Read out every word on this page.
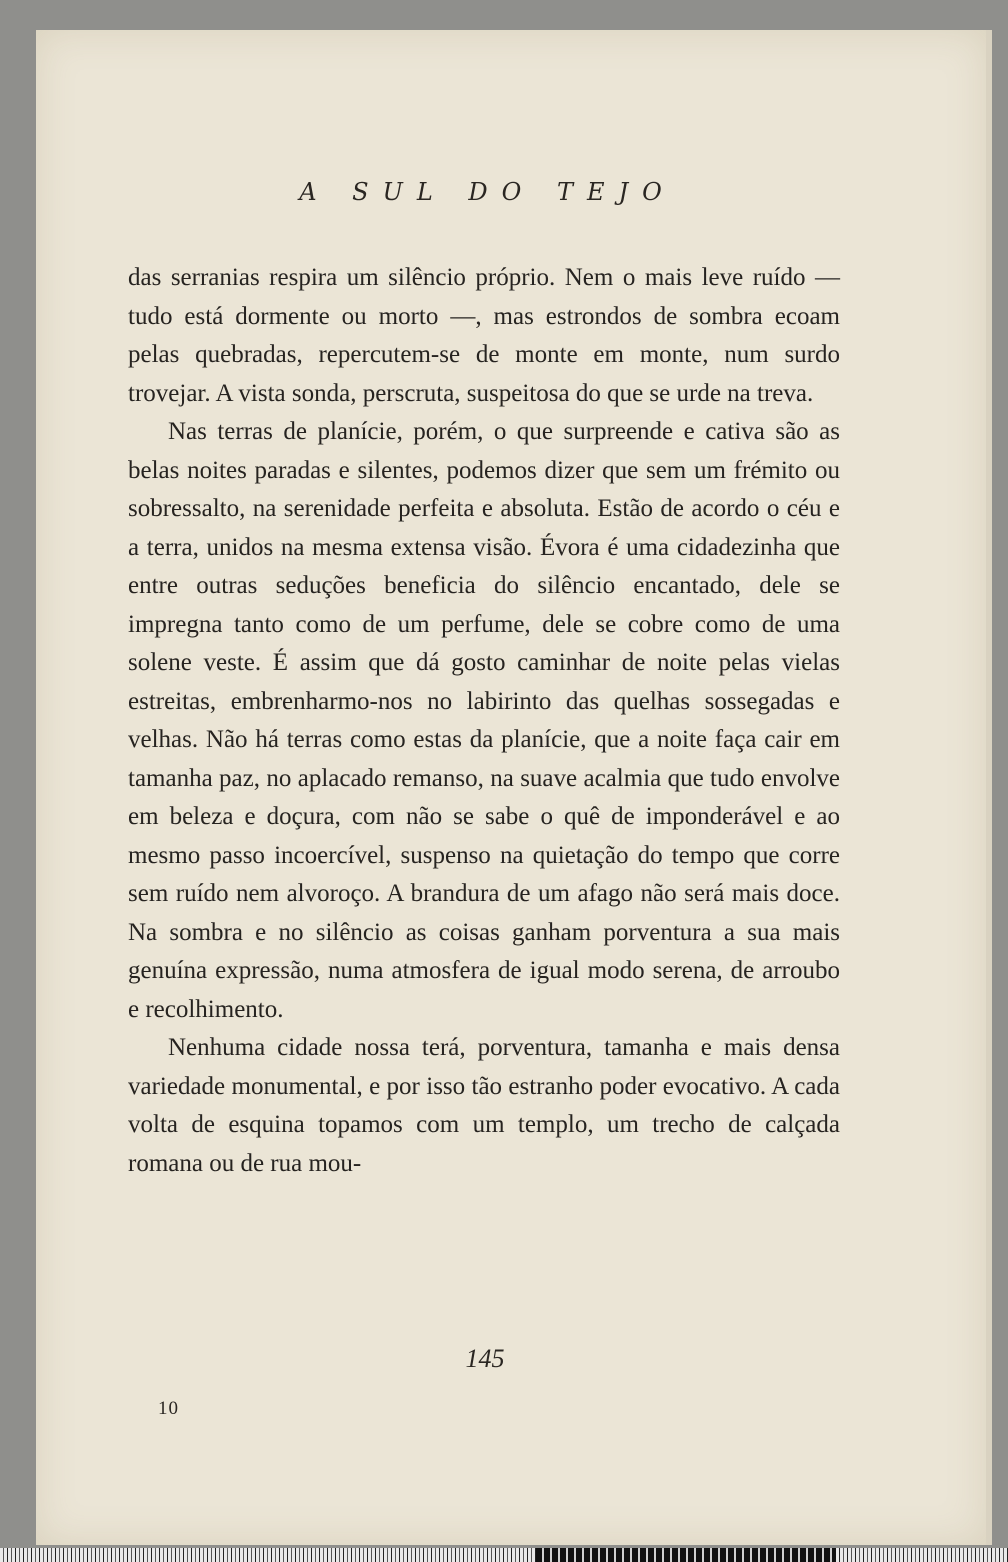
A SUL DO TEJO

das serranias respira um silêncio próprio. Nem o mais leve ruído — tudo está dormente ou morto —, mas estrondos de sombra ecoam pelas quebradas, repercutem-se de monte em monte, num surdo trovejar. A vista sonda, perscruta, suspeitosa do que se urde na treva.

Nas terras de planície, porém, o que surpreende e cativa são as belas noites paradas e silentes, podemos dizer que sem um frémito ou sobressalto, na serenidade perfeita e absoluta. Estão de acordo o céu e a terra, unidos na mesma extensa visão. Évora é uma cidadezinha que entre outras seduções beneficia do silêncio encantado, dele se impregna tanto como de um perfume, dele se cobre como de uma solene veste. É assim que dá gosto caminhar de noite pelas vielas estreitas, embrenharmo-nos no labirinto das quelhas sossegadas e velhas. Não há terras como estas da planície, que a noite faça cair em tamanha paz, no aplacado remanso, na suave acalmia que tudo envolve em beleza e doçura, com não se sabe o quê de imponderável e ao mesmo passo incoercível, suspenso na quietação do tempo que corre sem ruído nem alvoroço. A brandura de um afago não será mais doce. Na sombra e no silêncio as coisas ganham porventura a sua mais genuína expressão, numa atmosfera de igual modo serena, de arroubo e recolhimento.

Nenhuma cidade nossa terá, porventura, tamanha e mais densa variedade monumental, e por isso tão estranho poder evocativo. A cada volta de esquina topamos com um templo, um trecho de calçada romana ou de rua mou-

145
10
